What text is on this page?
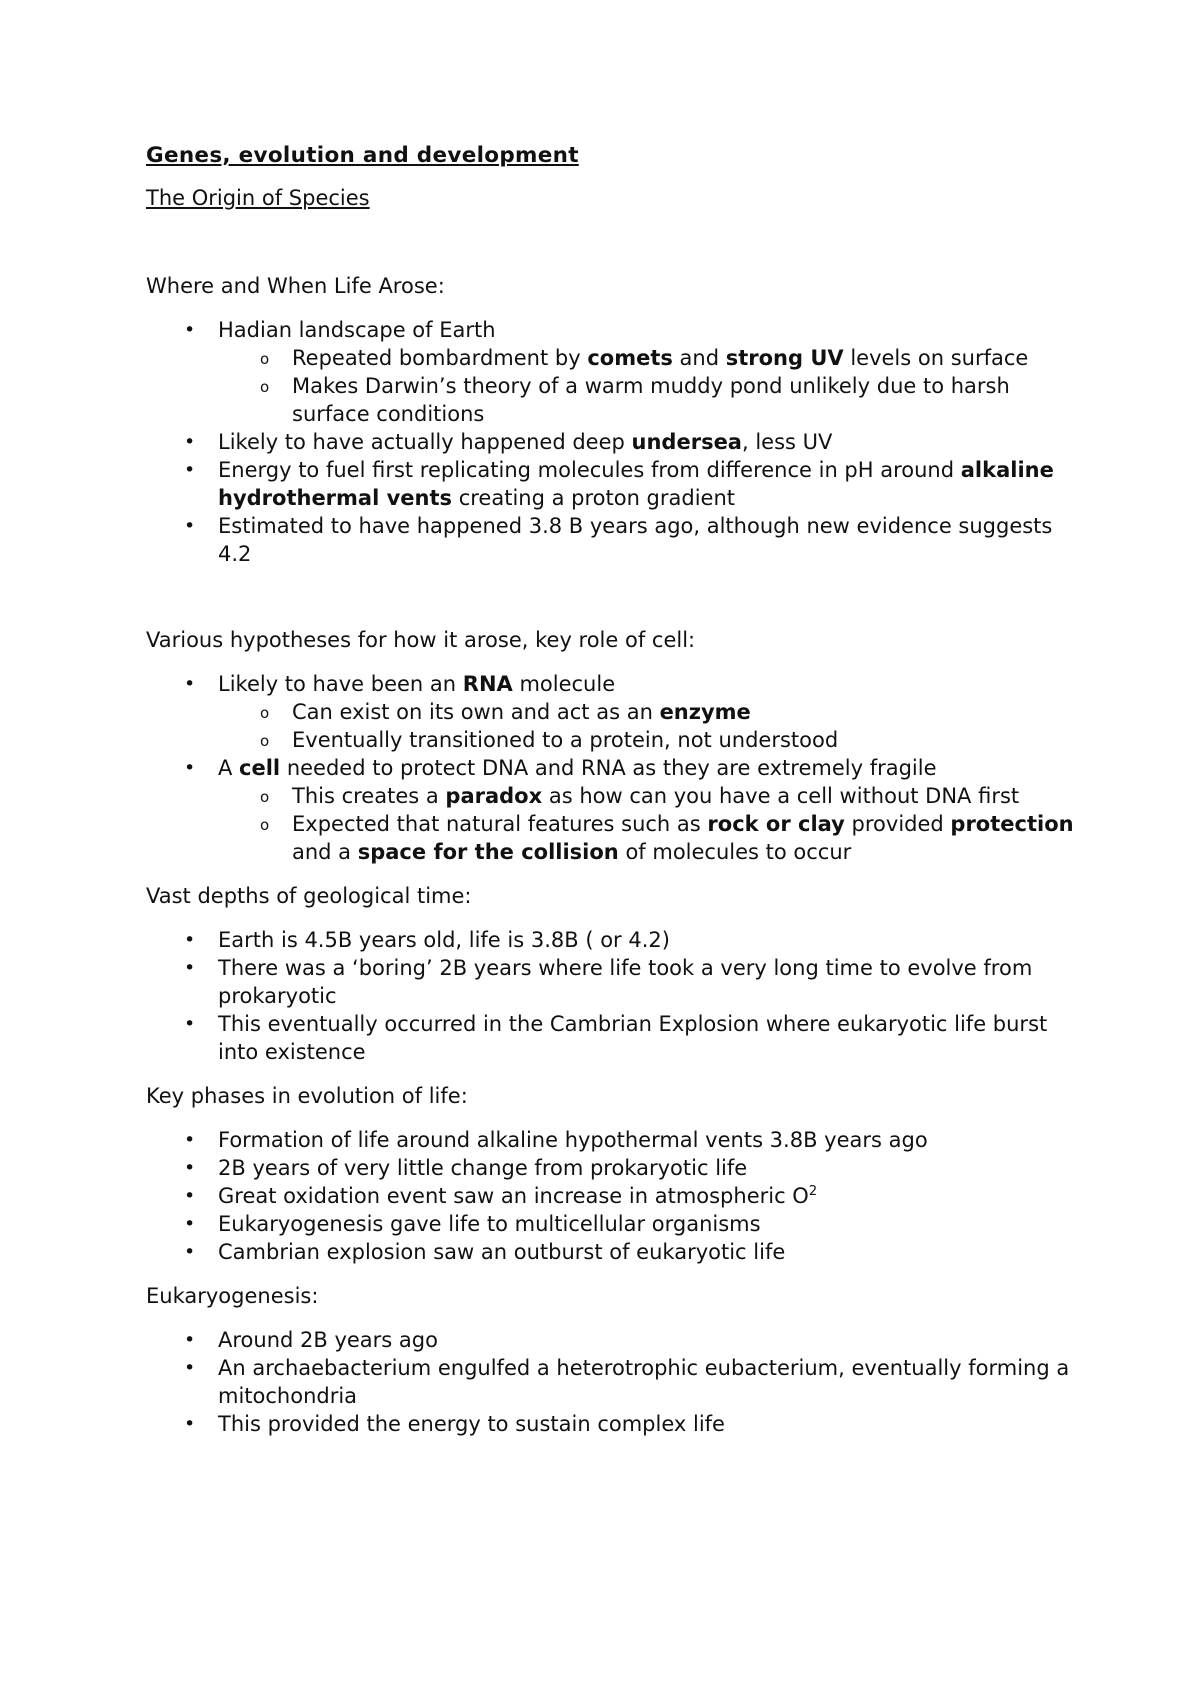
Genes, evolution and development
The Origin of Species
Where and When Life Arose:
• Hadian landscape of Earth
o Repeated bombardment by comets and strong UV levels on surface
o Makes Darwin’s theory of a warm muddy pond unlikely due to harsh surface conditions
• Likely to have actually happened deep undersea, less UV
• Energy to fuel first replicating molecules from difference in pH around alkaline hydrothermal vents creating a proton gradient
• Estimated to have happened 3.8 B years ago, although new evidence suggests 4.2
Various hypotheses for how it arose, key role of cell:
• Likely to have been an RNA molecule
o Can exist on its own and act as an enzyme
o Eventually transitioned to a protein, not understood
• A cell needed to protect DNA and RNA as they are extremely fragile
o This creates a paradox as how can you have a cell without DNA first
o Expected that natural features such as rock or clay provided protection and a space for the collision of molecules to occur
Vast depths of geological time:
• Earth is 4.5B years old, life is 3.8B ( or 4.2)
• There was a ‘boring’ 2B years where life took a very long time to evolve from prokaryotic
• This eventually occurred in the Cambrian Explosion where eukaryotic life burst into existence
Key phases in evolution of life:
• Formation of life around alkaline hypothermal vents 3.8B years ago
• 2B years of very little change from prokaryotic life
• Great oxidation event saw an increase in atmospheric $O^2$
• Eukaryogenesis gave life to multicellular organisms
• Cambrian explosion saw an outburst of eukaryotic life
Eukaryogenesis:
• Around 2B years ago
• An archaebacterium engulfed a heterotrophic eubacterium, eventually forming a mitochondria
• This provided the energy to sustain complex life
